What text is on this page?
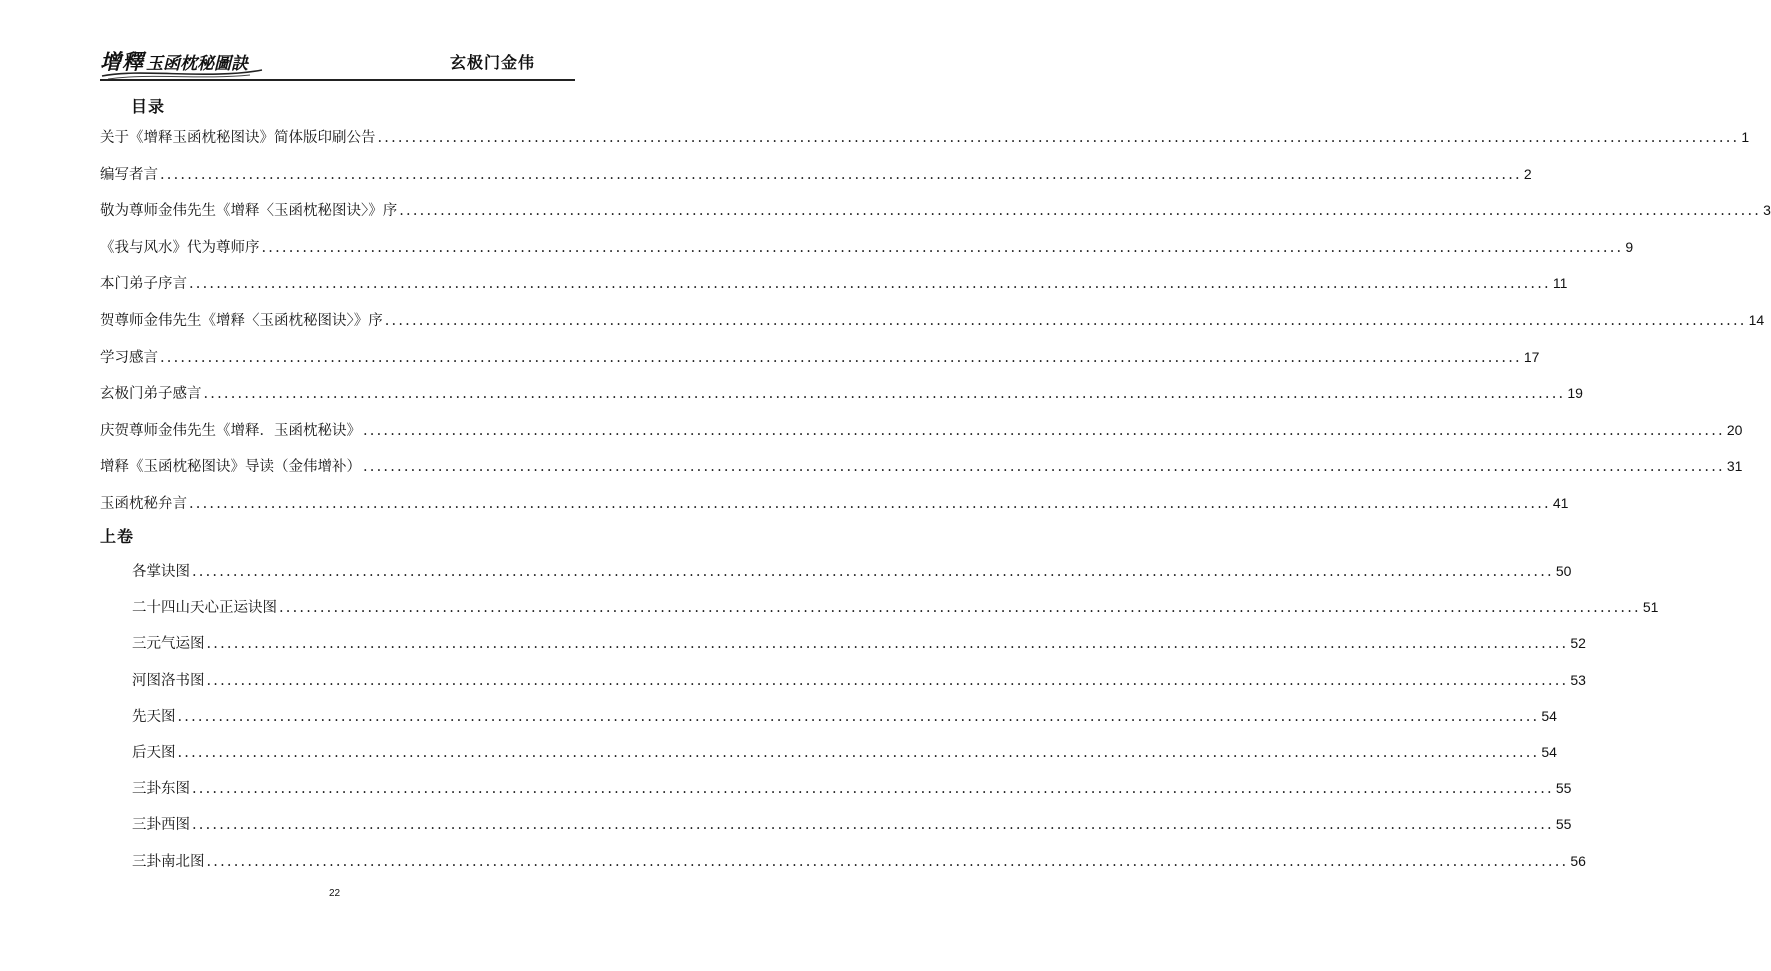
增釋 玉函枕秘圖訣	玄极门金伟
目录
关于《增释玉函枕秘图诀》简体版印刷公告 ........................................................................................................................................................................................................ 1
编写者言 ........................................................................................................................................................................................................ 2
敬为尊师金伟先生《增释〈玉函枕秘图诀〉》序 ........................................................................................................................................................................................................ 3
《我与风水》代为尊师序 ........................................................................................................................................................................................................ 9
本门弟子序言 ........................................................................................................................................................................................................ 11
贺尊师金伟先生《增释〈玉函枕秘图诀〉》序 ........................................................................................................................................................................................................ 14
学习感言 ........................................................................................................................................................................................................ 17
玄极门弟子感言 ........................................................................................................................................................................................................ 19
庆贺尊师金伟先生《增释．玉函枕秘诀》 ........................................................................................................................................................................................................ 20
增释《玉函枕秘图诀》导读（金伟增补） ........................................................................................................................................................................................................ 31
玉函枕秘弁言 ........................................................................................................................................................................................................ 41
上卷
各掌诀图 ........................................................................................................................................................................................................ 50
二十四山天心正运诀图 ........................................................................................................................................................................................................ 51
三元气运图 ........................................................................................................................................................................................................ 52
河图洛书图 ........................................................................................................................................................................................................ 53
先天图 ........................................................................................................................................................................................................ 54
后天图 ........................................................................................................................................................................................................ 54
三卦东图 ........................................................................................................................................................................................................ 55
三卦西图 ........................................................................................................................................................................................................ 55
三卦南北图 ........................................................................................................................................................................................................ 56
22
